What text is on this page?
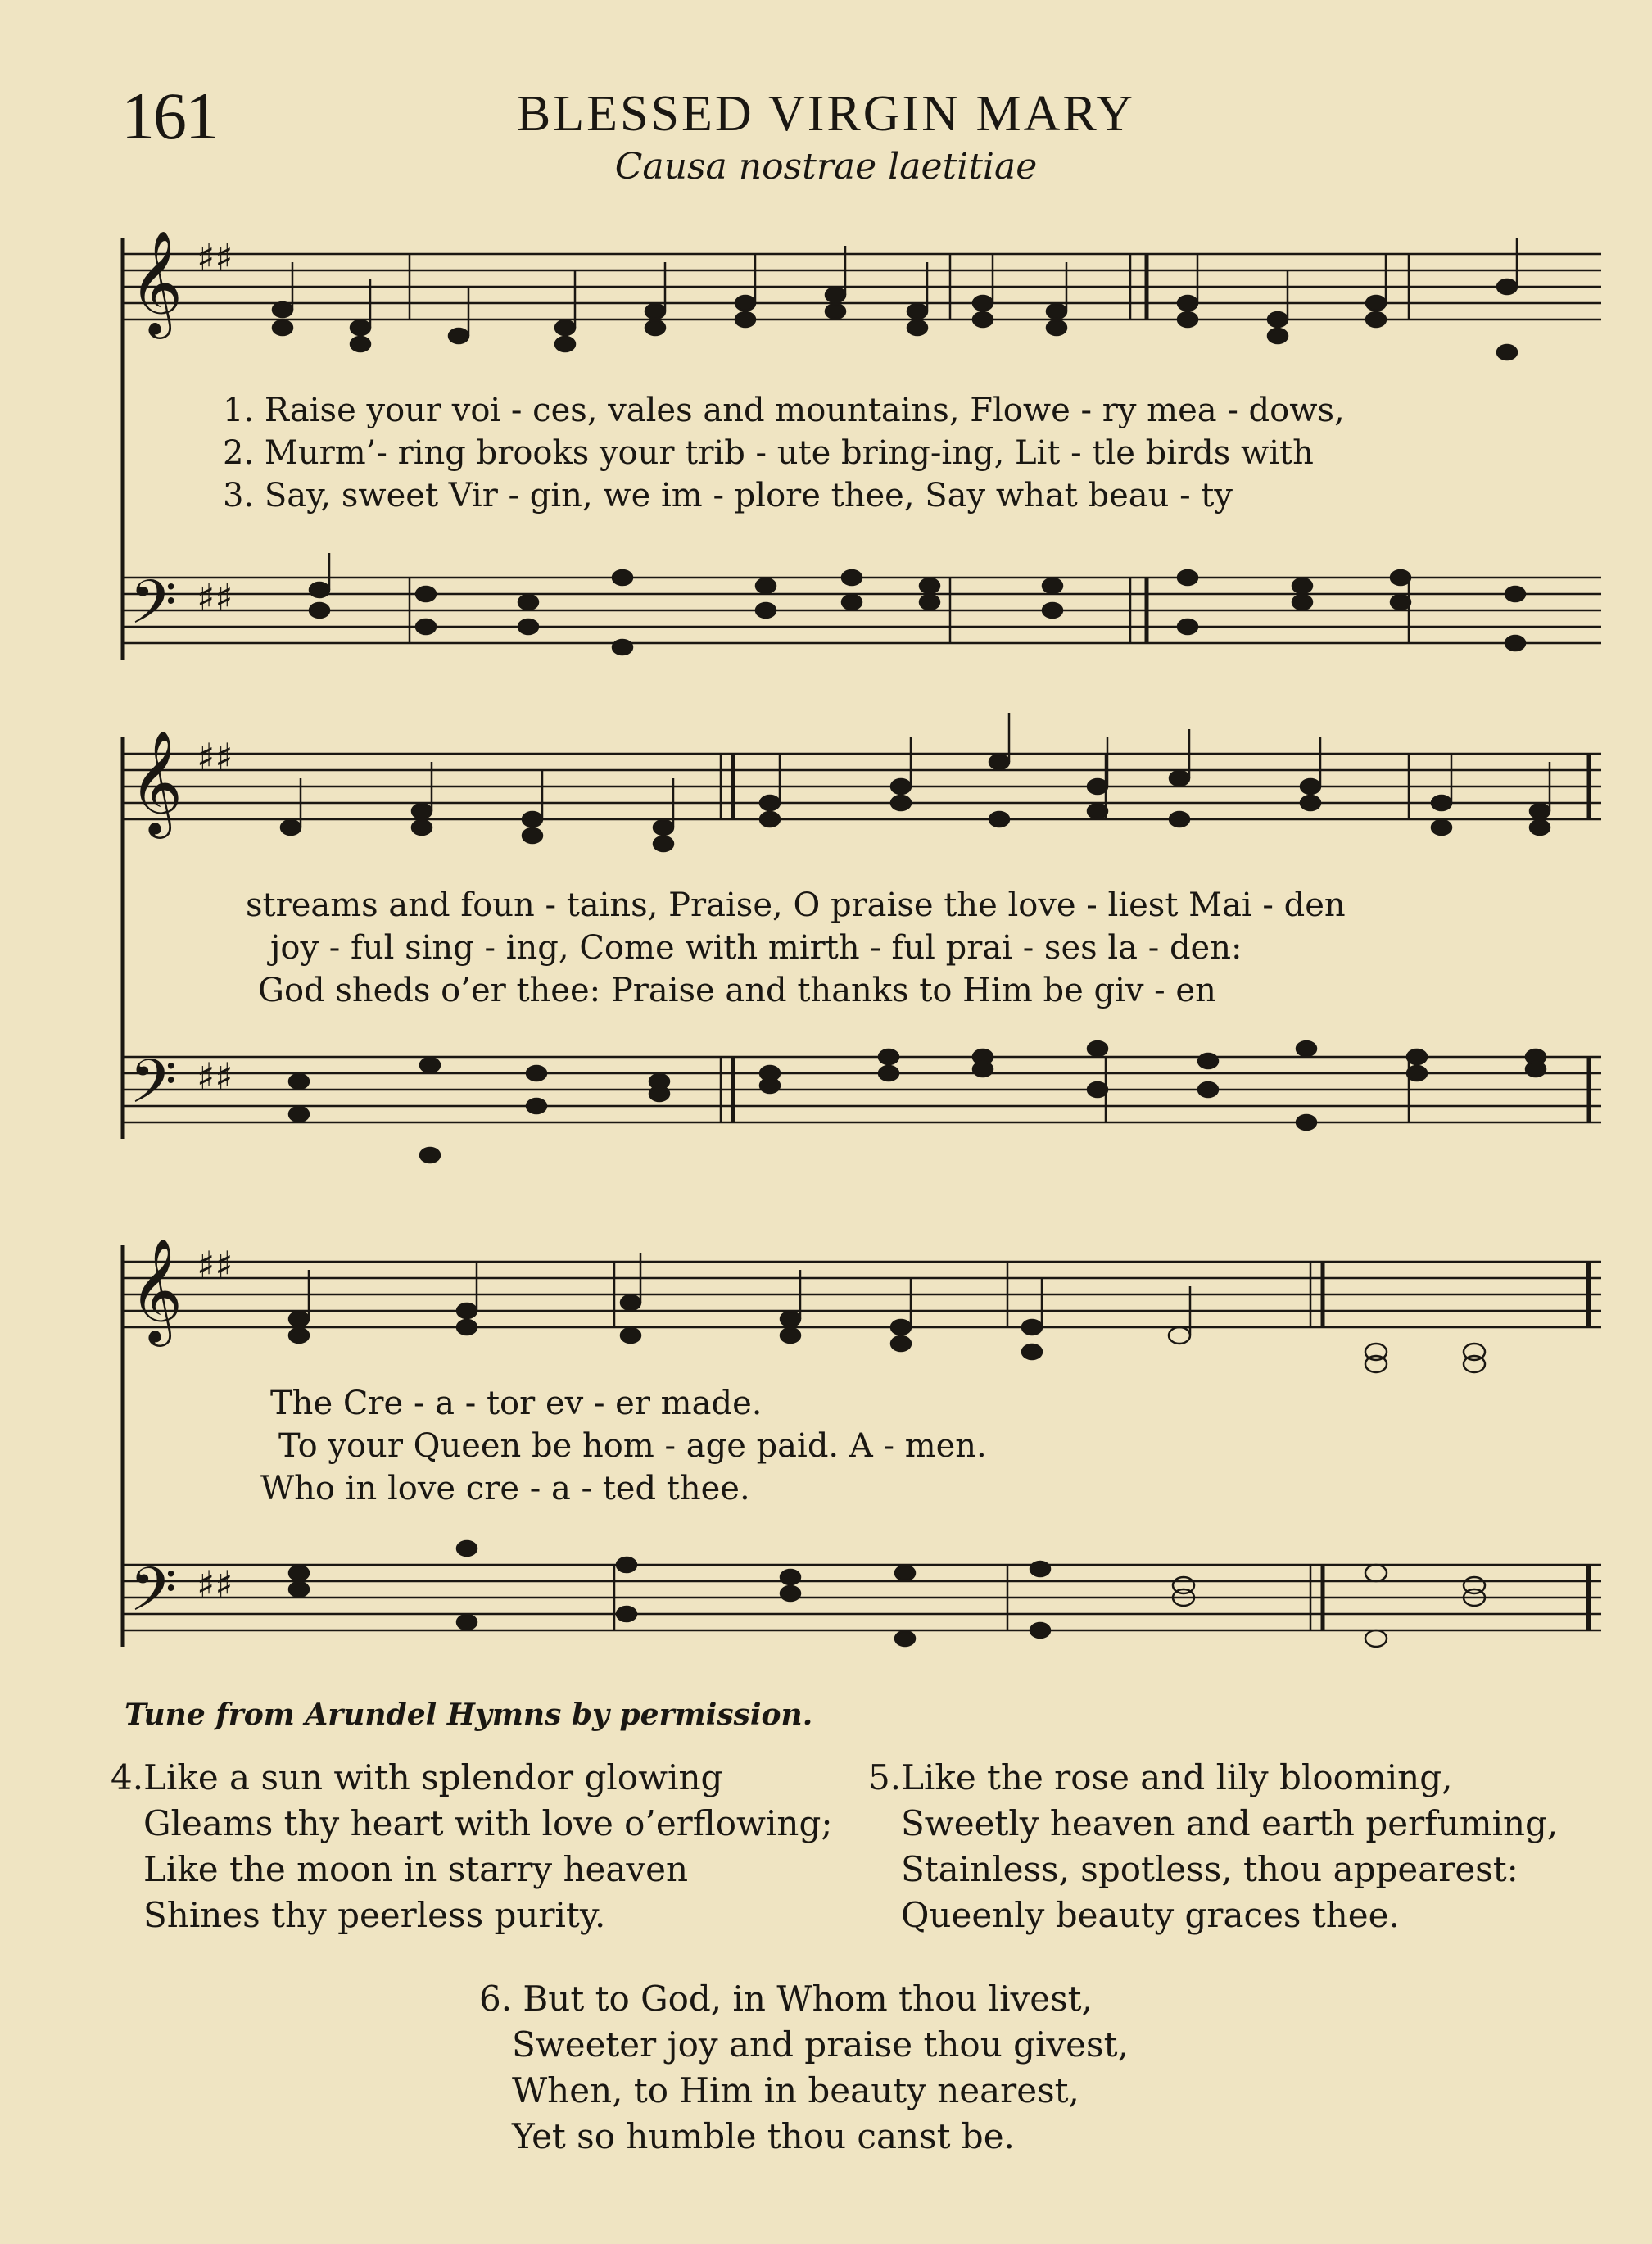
161	BLESSED VIRGIN MARY
Causa nostrae laetitiae
𝄞
𝄢
♯♯
♯♯
1. Raise your voi - ces, vales and mountains, Flowe - ry mea - dows,
2. Murm’- ring brooks your trib - ute bring-ing, Lit - tle birds with
3. Say, sweet Vir - gin, we im - plore thee, Say what beau - ty
𝄞
𝄢
♯♯
♯♯
streams and foun - tains, Praise, O praise the love - liest Mai - den
joy - ful sing - ing, Come with mirth - ful prai - ses la - den:
God sheds o’er thee: Praise and thanks to Him be giv - en
𝄞
𝄢
♯♯
♯♯
The Cre - a - tor ev - er made.
To your Queen be hom - age paid. A - men.
Who in love cre - a - ted thee.
Tune from Arundel Hymns by permission.
4.Like a sun with splendor glowing
Gleams thy heart with love o’erflowing;
Like the moon in starry heaven
Shines thy peerless purity.
5.Like the rose and lily blooming,
Sweetly heaven and earth perfuming,
Stainless, spotless, thou appearest:
Queenly beauty graces thee.
6. But to God, in Whom thou livest,
Sweeter joy and praise thou givest,
When, to Him in beauty nearest,
Yet so humble thou canst be.
